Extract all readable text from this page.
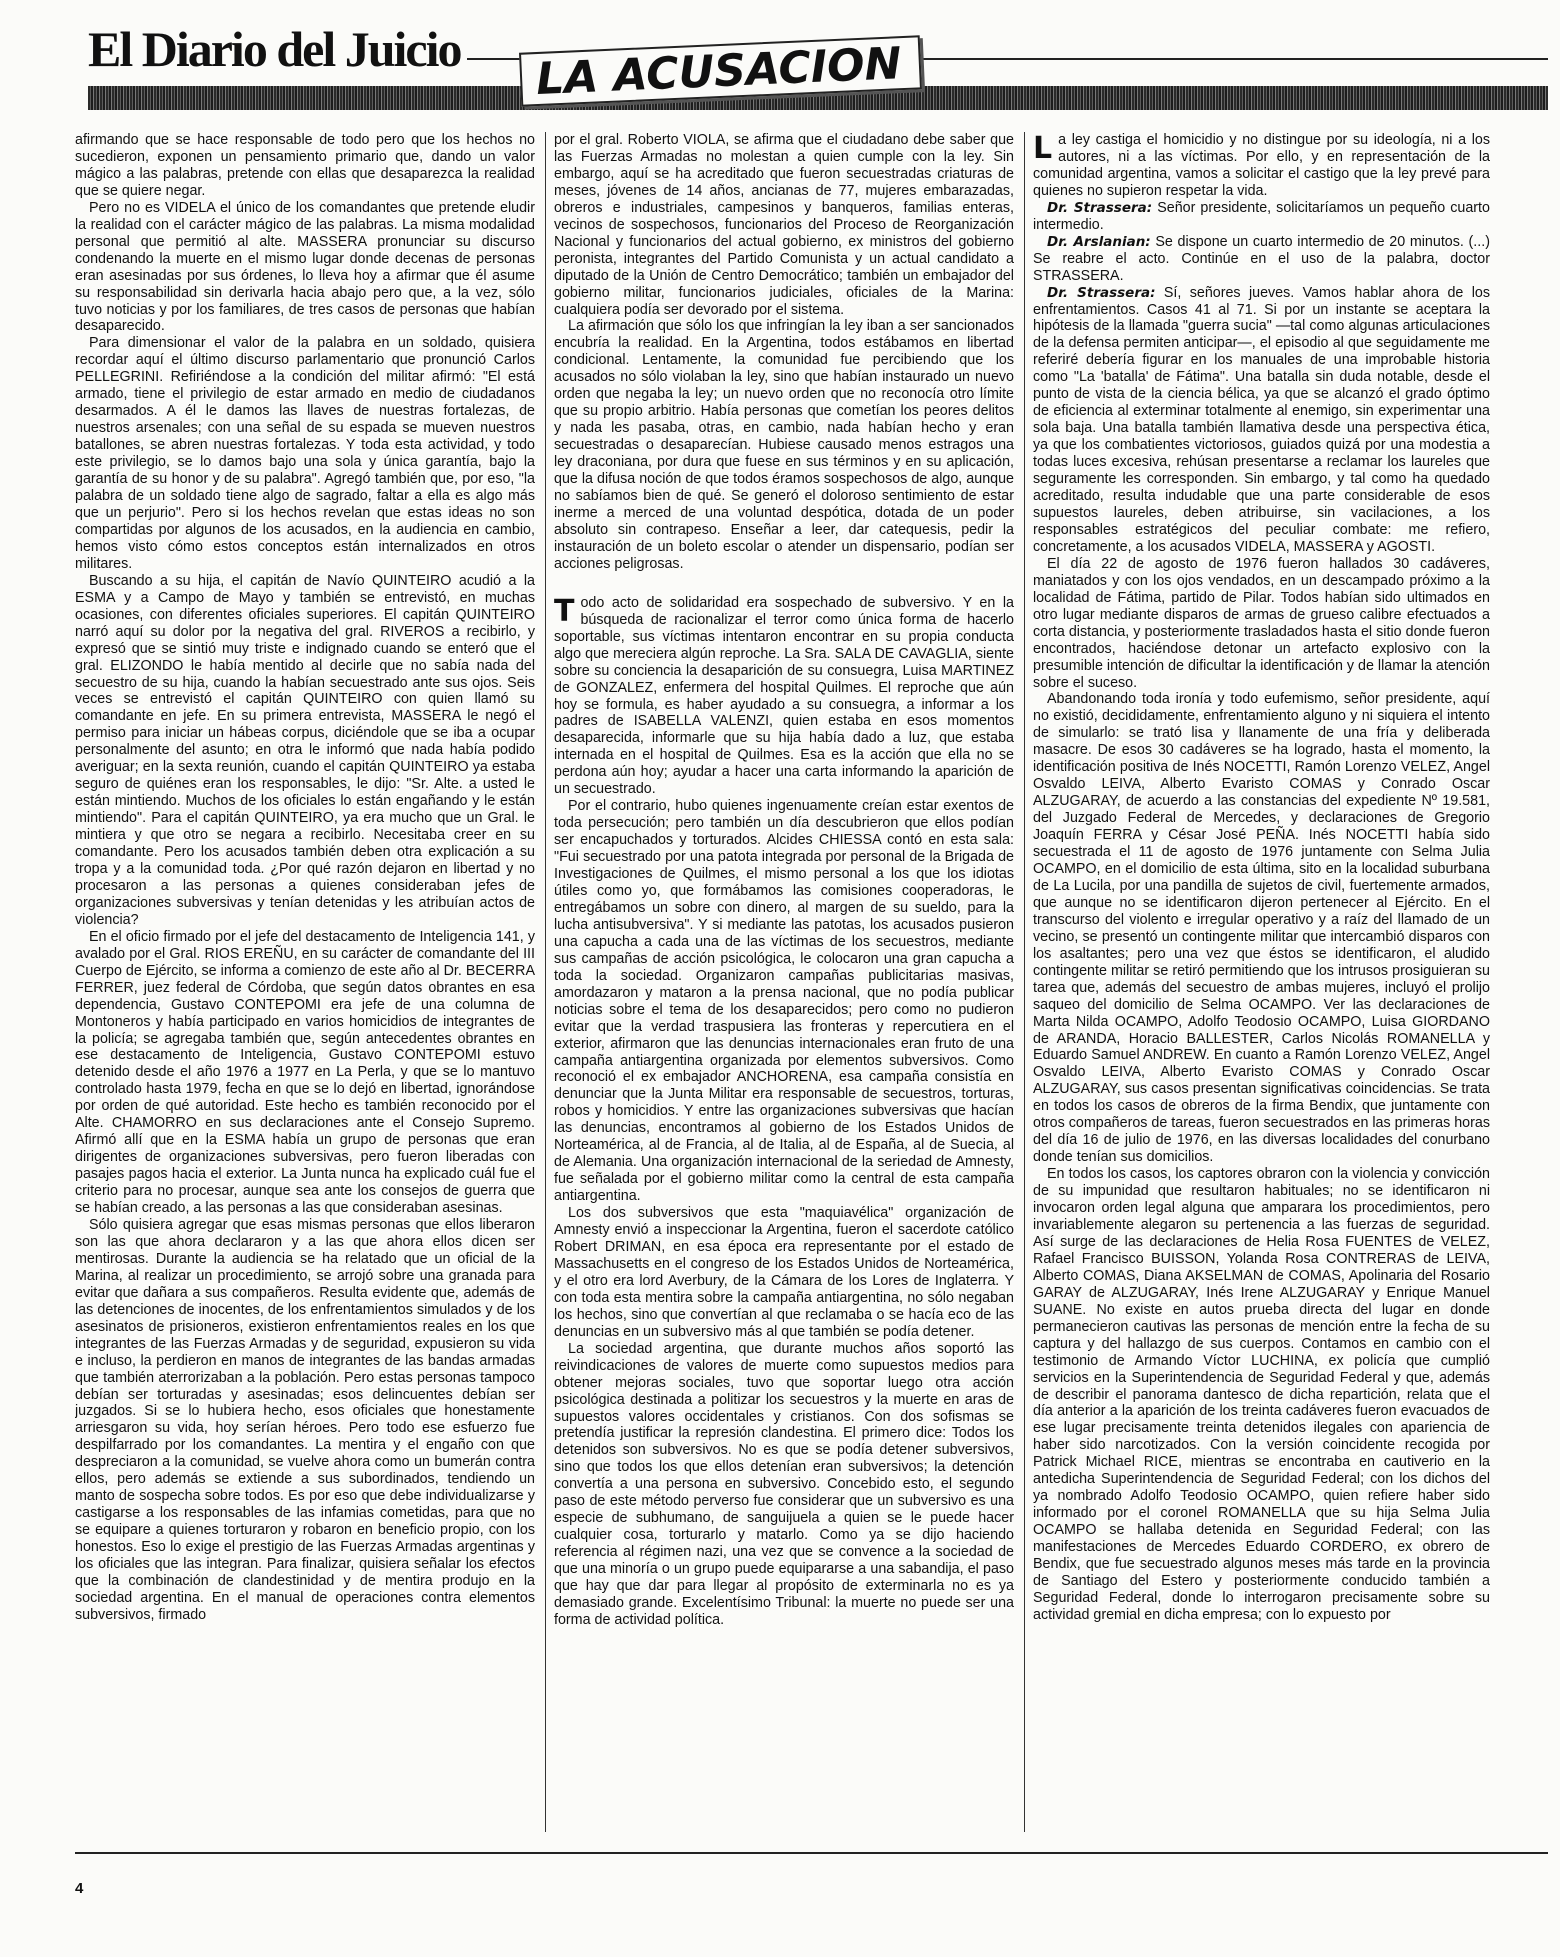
El Diario del Juicio	LA ACUSACION

afirmando que se hace responsable de todo pero que los hechos no sucedieron, exponen un pensamiento primario que, dando un valor mágico a las palabras, pretende con ellas que desaparezca la realidad que se quiere negar.

Pero no es VIDELA el único de los comandantes que pretende eludir la realidad con el carácter mágico de las palabras. La misma modalidad personal que permitió al alte. MASSERA pronunciar su discurso condenando la muerte en el mismo lugar donde decenas de personas eran asesinadas por sus órdenes, lo lleva hoy a afirmar que él asume su responsabilidad sin derivarla hacia abajo pero que, a la vez, sólo tuvo noticias y por los familiares, de tres casos de personas que habían desaparecido.

Para dimensionar el valor de la palabra en un soldado, quisiera recordar aquí el último discurso parlamentario que pronunció Carlos PELLEGRINI. Refiriéndose a la condición del militar afirmó: "El está armado, tiene el privilegio de estar armado en medio de ciudadanos desarmados. A él le damos las llaves de nuestras fortalezas, de nuestros arsenales; con una señal de su espada se mueven nuestros batallones, se abren nuestras fortalezas. Y toda esta actividad, y todo este privilegio, se lo damos bajo una sola y única garantía, bajo la garantía de su honor y de su palabra". Agregó también que, por eso, "la palabra de un soldado tiene algo de sagrado, faltar a ella es algo más que un perjurio". Pero si los hechos revelan que estas ideas no son compartidas por algunos de los acusados, en la audiencia en cambio, hemos visto cómo estos conceptos están internalizados en otros militares.

Buscando a su hija, el capitán de Navío QUINTEIRO acudió a la ESMA y a Campo de Mayo y también se entrevistó, en muchas ocasiones, con diferentes oficiales superiores. El capitán QUINTEIRO narró aquí su dolor por la negativa del gral. RIVEROS a recibirlo, y expresó que se sintió muy triste e indignado cuando se enteró que el gral. ELIZONDO le había mentido al decirle que no sabía nada del secuestro de su hija, cuando la habían secuestrado ante sus ojos. Seis veces se entrevistó el capitán QUINTEIRO con quien llamó su comandante en jefe. En su primera entrevista, MASSERA le negó el permiso para iniciar un hábeas corpus, diciéndole que se iba a ocupar personalmente del asunto; en otra le informó que nada había podido averiguar; en la sexta reunión, cuando el capitán QUINTEIRO ya estaba seguro de quiénes eran los responsables, le dijo: "Sr. Alte. a usted le están mintiendo. Muchos de los oficiales lo están engañando y le están mintiendo". Para el capitán QUINTEIRO, ya era mucho que un Gral. le mintiera y que otro se negara a recibirlo. Necesitaba creer en su comandante. Pero los acusados también deben otra explicación a su tropa y a la comunidad toda. ¿Por qué razón dejaron en libertad y no procesaron a las personas a quienes consideraban jefes de organizaciones subversivas y tenían detenidas y les atribuían actos de violencia?

En el oficio firmado por el jefe del destacamento de Inteligencia 141, y avalado por el Gral. RIOS EREÑU, en su carácter de comandante del III Cuerpo de Ejército, se informa a comienzo de este año al Dr. BECERRA FERRER, juez federal de Córdoba, que según datos obrantes en esa dependencia, Gustavo CONTEPOMI era jefe de una columna de Montoneros y había participado en varios homicidios de integrantes de la policía; se agregaba también que, según antecedentes obrantes en ese destacamento de Inteligencia, Gustavo CONTEPOMI estuvo detenido desde el año 1976 a 1977 en La Perla, y que se lo mantuvo controlado hasta 1979, fecha en que se lo dejó en libertad, ignorándose por orden de qué autoridad. Este hecho es también reconocido por el Alte. CHAMORRO en sus declaraciones ante el Consejo Supremo. Afirmó allí que en la ESMA había un grupo de personas que eran dirigentes de organizaciones subversivas, pero fueron liberadas con pasajes pagos hacia el exterior. La Junta nunca ha explicado cuál fue el criterio para no procesar, aunque sea ante los consejos de guerra que se habían creado, a las personas a las que consideraban asesinas.

Sólo quisiera agregar que esas mismas personas que ellos liberaron son las que ahora declararon y a las que ahora ellos dicen ser mentirosas. Durante la audiencia se ha relatado que un oficial de la Marina, al realizar un procedimiento, se arrojó sobre una granada para evitar que dañara a sus compañeros. Resulta evidente que, además de las detenciones de inocentes, de los enfrentamientos simulados y de los asesinatos de prisioneros, existieron enfrentamientos reales en los que integrantes de las Fuerzas Armadas y de seguridad, expusieron su vida e incluso, la perdieron en manos de integrantes de las bandas armadas que también aterrorizaban a la población. Pero estas personas tampoco debían ser torturadas y asesinadas; esos delincuentes debían ser juzgados. Si se lo hubiera hecho, esos oficiales que honestamente arriesgaron su vida, hoy serían héroes. Pero todo ese esfuerzo fue despilfarrado por los comandantes. La mentira y el engaño con que despreciaron a la comunidad, se vuelve ahora como un bumerán contra ellos, pero además se extiende a sus subordinados, tendiendo un manto de sospecha sobre todos. Es por eso que debe individualizarse y castigarse a los responsables de las infamias cometidas, para que no se equipare a quienes torturaron y robaron en beneficio propio, con los honestos. Eso lo exige el prestigio de las Fuerzas Armadas argentinas y los oficiales que las integran. Para finalizar, quisiera señalar los efectos que la combinación de clandestinidad y de mentira produjo en la sociedad argentina. En el manual de operaciones contra elementos subversivos, firmado

por el gral. Roberto VIOLA, se afirma que el ciudadano debe saber que las Fuerzas Armadas no molestan a quien cumple con la ley. Sin embargo, aquí se ha acreditado que fueron secuestradas criaturas de meses, jóvenes de 14 años, ancianas de 77, mujeres embarazadas, obreros e industriales, campesinos y banqueros, familias enteras, vecinos de sospechosos, funcionarios del Proceso de Reorganización Nacional y funcionarios del actual gobierno, ex ministros del gobierno peronista, integrantes del Partido Comunista y un actual candidato a diputado de la Unión de Centro Democrático; también un embajador del gobierno militar, funcionarios judiciales, oficiales de la Marina: cualquiera podía ser devorado por el sistema.

La afirmación que sólo los que infringían la ley iban a ser sancionados encubría la realidad. En la Argentina, todos estábamos en libertad condicional. Lentamente, la comunidad fue percibiendo que los acusados no sólo violaban la ley, sino que habían instaurado un nuevo orden que negaba la ley; un nuevo orden que no reconocía otro límite que su propio arbitrio. Había personas que cometían los peores delitos y nada les pasaba, otras, en cambio, nada habían hecho y eran secuestradas o desaparecían. Hubiese causado menos estragos una ley draconiana, por dura que fuese en sus términos y en su aplicación, que la difusa noción de que todos éramos sospechosos de algo, aunque no sabíamos bien de qué. Se generó el doloroso sentimiento de estar inerme a merced de una voluntad despótica, dotada de un poder absoluto sin contrapeso. Enseñar a leer, dar catequesis, pedir la instauración de un boleto escolar o atender un dispensario, podían ser acciones peligrosas.

Todo acto de solidaridad era sospechado de subversivo. Y en la búsqueda de racionalizar el terror como única forma de hacerlo soportable, sus víctimas intentaron encontrar en su propia conducta algo que mereciera algún reproche. La Sra. SALA DE CAVAGLIA, siente sobre su conciencia la desaparición de su consuegra, Luisa MARTINEZ de GONZALEZ, enfermera del hospital Quilmes. El reproche que aún hoy se formula, es haber ayudado a su consuegra, a informar a los padres de ISABELLA VALENZI, quien estaba en esos momentos desaparecida, informarle que su hija había dado a luz, que estaba internada en el hospital de Quilmes. Esa es la acción que ella no se perdona aún hoy; ayudar a hacer una carta informando la aparición de un secuestrado.

Por el contrario, hubo quienes ingenuamente creían estar exentos de toda persecución; pero también un día descubrieron que ellos podían ser encapuchados y torturados. Alcides CHIESSA contó en esta sala: "Fui secuestrado por una patota integrada por personal de la Brigada de Investigaciones de Quilmes, el mismo personal a los que los idiotas útiles como yo, que formábamos las comisiones cooperadoras, le entregábamos un sobre con dinero, al margen de su sueldo, para la lucha antisubversiva". Y si mediante las patotas, los acusados pusieron una capucha a cada una de las víctimas de los secuestros, mediante sus campañas de acción psicológica, le colocaron una gran capucha a toda la sociedad. Organizaron campañas publicitarias masivas, amordazaron y mataron a la prensa nacional, que no podía publicar noticias sobre el tema de los desaparecidos; pero como no pudieron evitar que la verdad traspusiera las fronteras y repercutiera en el exterior, afirmaron que las denuncias internacionales eran fruto de una campaña antiargentina organizada por elementos subversivos. Como reconoció el ex embajador ANCHORENA, esa campaña consistía en denunciar que la Junta Militar era responsable de secuestros, torturas, robos y homicidios. Y entre las organizaciones subversivas que hacían las denuncias, encontramos al gobierno de los Estados Unidos de Norteamérica, al de Francia, al de Italia, al de España, al de Suecia, al de Alemania. Una organización internacional de la seriedad de Amnesty, fue señalada por el gobierno militar como la central de esta campaña antiargentina.

Los dos subversivos que esta "maquiavélica" organización de Amnesty envió a inspeccionar la Argentina, fueron el sacerdote católico Robert DRIMAN, en esa época era representante por el estado de Massachusetts en el congreso de los Estados Unidos de Norteamérica, y el otro era lord Averbury, de la Cámara de los Lores de Inglaterra. Y con toda esta mentira sobre la campaña antiargentina, no sólo negaban los hechos, sino que convertían al que reclamaba o se hacía eco de las denuncias en un subversivo más al que también se podía detener.

La sociedad argentina, que durante muchos años soportó las reivindicaciones de valores de muerte como supuestos medios para obtener mejoras sociales, tuvo que soportar luego otra acción psicológica destinada a politizar los secuestros y la muerte en aras de supuestos valores occidentales y cristianos. Con dos sofismas se pretendía justificar la represión clandestina. El primero dice: Todos los detenidos son subversivos. No es que se podía detener subversivos, sino que todos los que ellos detenían eran subversivos; la detención convertía a una persona en subversivo. Concebido esto, el segundo paso de este método perverso fue considerar que un subversivo es una especie de subhumano, de sanguijuela a quien se le puede hacer cualquier cosa, torturarlo y matarlo. Como ya se dijo haciendo referencia al régimen nazi, una vez que se convence a la sociedad de que una minoría o un grupo puede equipararse a una sabandija, el paso que hay que dar para llegar al propósito de exterminarla no es ya demasiado grande. Excelentísimo Tribunal: la muerte no puede ser una forma de actividad política.

La ley castiga el homicidio y no distingue por su ideología, ni a los autores, ni a las víctimas. Por ello, y en representación de la comunidad argentina, vamos a solicitar el castigo que la ley prevé para quienes no supieron respetar la vida.

Dr. Strassera: Señor presidente, solicitaríamos un pequeño cuarto intermedio.

Dr. Arslanian: Se dispone un cuarto intermedio de 20 minutos. (...) Se reabre el acto. Continúe en el uso de la palabra, doctor STRASSERA.

Dr. Strassera: Sí, señores jueves. Vamos hablar ahora de los enfrentamientos. Casos 41 al 71. Si por un instante se aceptara la hipótesis de la llamada "guerra sucia" —tal como algunas articulaciones de la defensa permiten anticipar—, el episodio al que seguidamente me referiré debería figurar en los manuales de una improbable historia como "La 'batalla' de Fátima". Una batalla sin duda notable, desde el punto de vista de la ciencia bélica, ya que se alcanzó el grado óptimo de eficiencia al exterminar totalmente al enemigo, sin experimentar una sola baja. Una batalla también llamativa desde una perspectiva ética, ya que los combatientes victoriosos, guiados quizá por una modestia a todas luces excesiva, rehúsan presentarse a reclamar los laureles que seguramente les corresponden. Sin embargo, y tal como ha quedado acreditado, resulta indudable que una parte considerable de esos supuestos laureles, deben atribuirse, sin vacilaciones, a los responsables estratégicos del peculiar combate: me refiero, concretamente, a los acusados VIDELA, MASSERA y AGOSTI.

El día 22 de agosto de 1976 fueron hallados 30 cadáveres, maniatados y con los ojos vendados, en un descampado próximo a la localidad de Fátima, partido de Pilar. Todos habían sido ultimados en otro lugar mediante disparos de armas de grueso calibre efectuados a corta distancia, y posteriormente trasladados hasta el sitio donde fueron encontrados, haciéndose detonar un artefacto explosivo con la presumible intención de dificultar la identificación y de llamar la atención sobre el suceso.

Abandonando toda ironía y todo eufemismo, señor presidente, aquí no existió, decididamente, enfrentamiento alguno y ni siquiera el intento de simularlo: se trató lisa y llanamente de una fría y deliberada masacre. De esos 30 cadáveres se ha logrado, hasta el momento, la identificación positiva de Inés NOCETTI, Ramón Lorenzo VELEZ, Angel Osvaldo LEIVA, Alberto Evaristo COMAS y Conrado Oscar ALZUGARAY, de acuerdo a las constancias del expediente Nº 19.581, del Juzgado Federal de Mercedes, y declaraciones de Gregorio Joaquín FERRA y César José PEÑA. Inés NOCETTI había sido secuestrada el 11 de agosto de 1976 juntamente con Selma Julia OCAMPO, en el domicilio de esta última, sito en la localidad suburbana de La Lucila, por una pandilla de sujetos de civil, fuertemente armados, que aunque no se identificaron dijeron pertenecer al Ejército. En el transcurso del violento e irregular operativo y a raíz del llamado de un vecino, se presentó un contingente militar que intercambió disparos con los asaltantes; pero una vez que éstos se identificaron, el aludido contingente militar se retiró permitiendo que los intrusos prosiguieran su tarea que, además del secuestro de ambas mujeres, incluyó el prolijo saqueo del domicilio de Selma OCAMPO. Ver las declaraciones de Marta Nilda OCAMPO, Adolfo Teodosio OCAMPO, Luisa GIORDANO de ARANDA, Horacio BALLESTER, Carlos Nicolás ROMANELLA y Eduardo Samuel ANDREW. En cuanto a Ramón Lorenzo VELEZ, Angel Osvaldo LEIVA, Alberto Evaristo COMAS y Conrado Oscar ALZUGARAY, sus casos presentan significativas coincidencias. Se trata en todos los casos de obreros de la firma Bendix, que juntamente con otros compañeros de tareas, fueron secuestrados en las primeras horas del día 16 de julio de 1976, en las diversas localidades del conurbano donde tenían sus domicilios.

En todos los casos, los captores obraron con la violencia y convicción de su impunidad que resultaron habituales; no se identificaron ni invocaron orden legal alguna que amparara los procedimientos, pero invariablemente alegaron su pertenencia a las fuerzas de seguridad. Así surge de las declaraciones de Helia Rosa FUENTES de VELEZ, Rafael Francisco BUISSON, Yolanda Rosa CONTRERAS de LEIVA, Alberto COMAS, Diana AKSELMAN de COMAS, Apolinaria del Rosario GARAY de ALZUGARAY, Inés Irene ALZUGARAY y Enrique Manuel SUANE. No existe en autos prueba directa del lugar en donde permanecieron cautivas las personas de mención entre la fecha de su captura y del hallazgo de sus cuerpos. Contamos en cambio con el testimonio de Armando Víctor LUCHINA, ex policía que cumplió servicios en la Superintendencia de Seguridad Federal y que, además de describir el panorama dantesco de dicha repartición, relata que el día anterior a la aparición de los treinta cadáveres fueron evacuados de ese lugar precisamente treinta detenidos ilegales con apariencia de haber sido narcotizados. Con la versión coincidente recogida por Patrick Michael RICE, mientras se encontraba en cautiverio en la antedicha Superintendencia de Seguridad Federal; con los dichos del ya nombrado Adolfo Teodosio OCAMPO, quien refiere haber sido informado por el coronel ROMANELLA que su hija Selma Julia OCAMPO se hallaba detenida en Seguridad Federal; con las manifestaciones de Mercedes Eduardo CORDERO, ex obrero de Bendix, que fue secuestrado algunos meses más tarde en la provincia de Santiago del Estero y posteriormente conducido también a Seguridad Federal, donde lo interrogaron precisamente sobre su actividad gremial en dicha empresa; con lo expuesto por

4
